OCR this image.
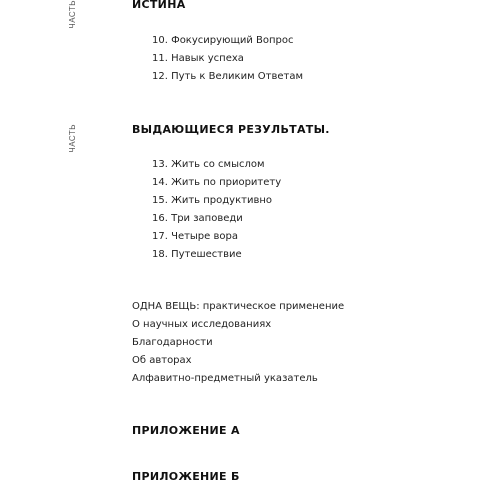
ЧАСТЬ	ИСТИНА
10. Фокусирующий Вопрос
11. Навык успеха
12. Путь к Великим Ответам
ЧАСТЬ	ВЫДАЮЩИЕСЯ РЕЗУЛЬТАТЫ.
13. Жить со смыслом
14. Жить по приоритету
15. Жить продуктивно
16. Три заповеди
17. Четыре вора
18. Путешествие
ОДНА ВЕЩЬ: практическое применение
О научных исследованиях
Благодарности
Об авторах
Алфавитно-предметный указатель
ПРИЛОЖЕНИЕ А
ПРИЛОЖЕНИЕ Б
